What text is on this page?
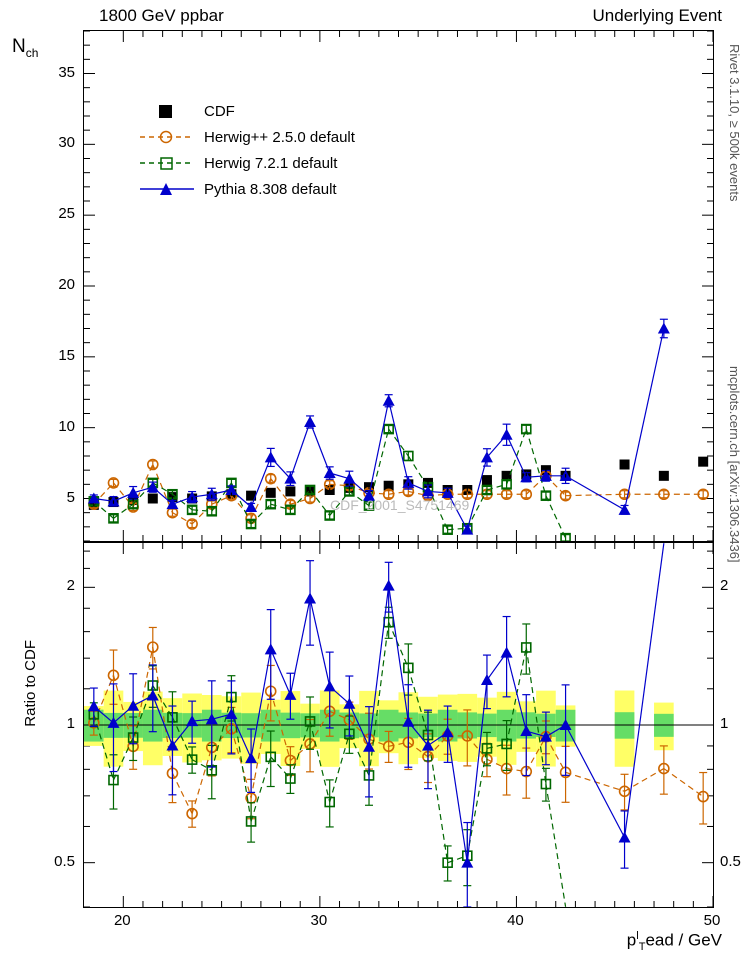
1800 GeV ppbar	Underlying Event
Rivet 3.1.10, ≥ 500k events
mcplots.cern.ch [arXiv:1306.3436]
$N_{ch}$
Ratio to CDF
$p^l_Tead$ / GeV
CDF
Herwig++ 2.5.0 default
Herwig 7.2.1 default
Pythia 8.308 default
CDF_2001_S4751469
35
30
25
20
15
10
5
2	2
1	1
0.5	0.5
20	30	40	50
